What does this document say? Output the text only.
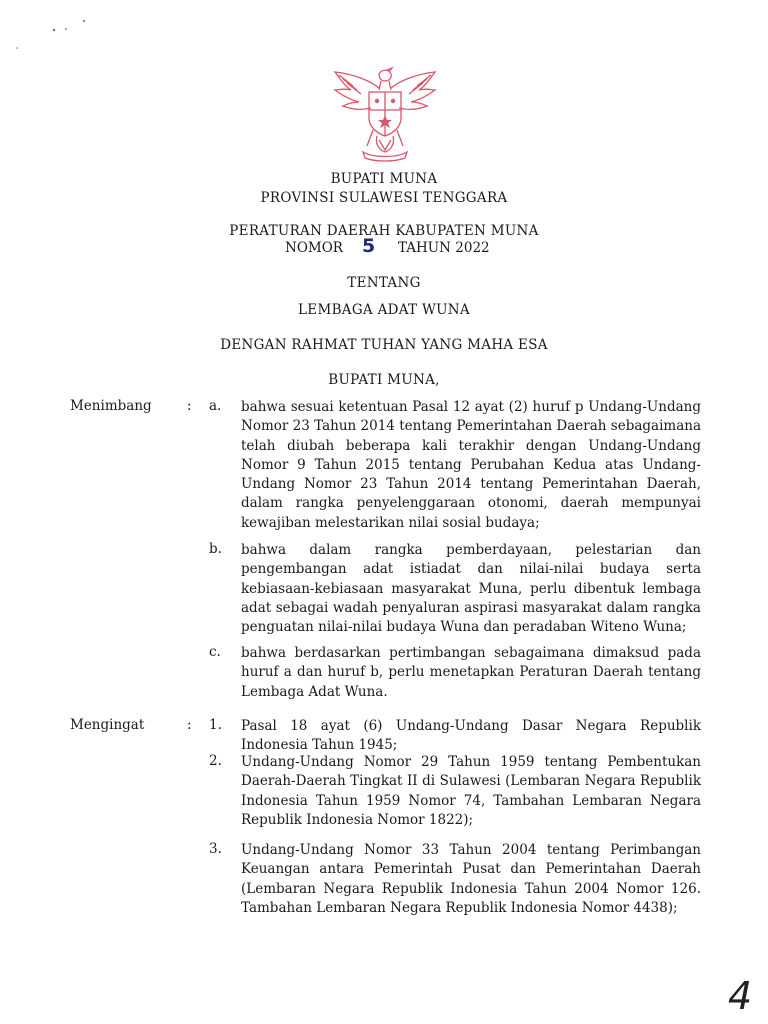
BUPATI MUNA
PROVINSI SULAWESI TENGGARA
PERATURAN DAERAH KABUPATEN MUNA
NOMOR 5 TAHUN 2022
TENTANG
LEMBAGA ADAT WUNA
DENGAN RAHMAT TUHAN YANG MAHA ESA
BUPATI MUNA,
Menimbang	: a. bahwa sesuai ketentuan Pasal 12 ayat (2) huruf p Undang-Undang Nomor 23 Tahun 2014 tentang Pemerintahan Daerah sebagaimana telah diubah beberapa kali terakhir dengan Undang-Undang Nomor 9 Tahun 2015 tentang Perubahan Kedua atas Undang-Undang Nomor 23 Tahun 2014 tentang Pemerintahan Daerah, dalam rangka penyelenggaraan otonomi, daerah mempunyai kewajiban melestarikan nilai sosial budaya;
b. bahwa dalam rangka pemberdayaan, pelestarian dan pengembangan adat istiadat dan nilai-nilai budaya serta kebiasaan-kebiasaan masyarakat Muna, perlu dibentuk lembaga adat sebagai wadah penyaluran aspirasi masyarakat dalam rangka penguatan nilai-nilai budaya Wuna dan peradaban Witeno Wuna;
c. bahwa berdasarkan pertimbangan sebagaimana dimaksud pada huruf a dan huruf b, perlu menetapkan Peraturan Daerah tentang Lembaga Adat Wuna.
Mengingat	: 1. Pasal 18 ayat (6) Undang-Undang Dasar Negara Republik Indonesia Tahun 1945;
2. Undang-Undang Nomor 29 Tahun 1959 tentang Pembentukan Daerah-Daerah Tingkat II di Sulawesi (Lembaran Negara Republik Indonesia Tahun 1959 Nomor 74, Tambahan Lembaran Negara Republik Indonesia Nomor 1822);
3. Undang-Undang Nomor 33 Tahun 2004 tentang Perimbangan Keuangan antara Pemerintah Pusat dan Pemerintahan Daerah (Lembaran Negara Republik Indonesia Tahun 2004 Nomor 126. Tambahan Lembaran Negara Republik Indonesia Nomor 4438);
4
